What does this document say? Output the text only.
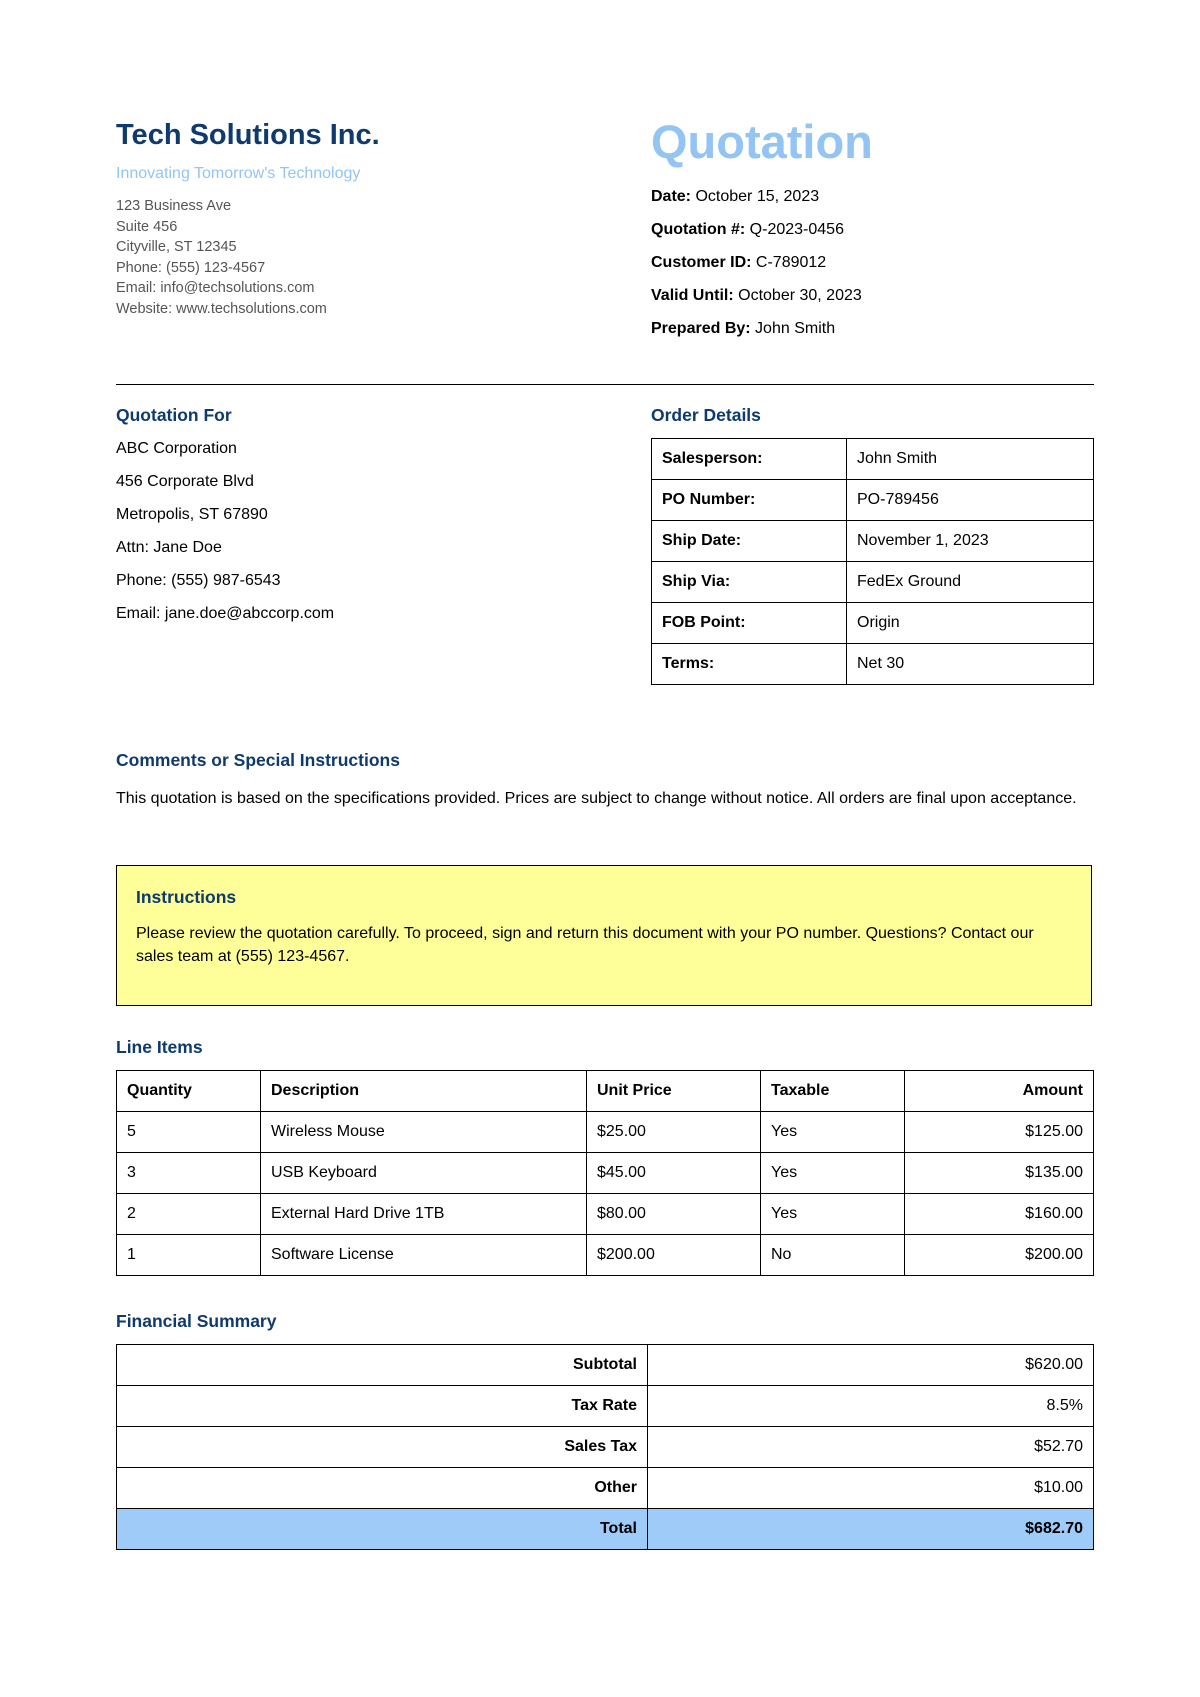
Tech Solutions Inc.
Innovating Tomorrow's Technology
123 Business Ave
Suite 456
Cityville, ST 12345
Phone: (555) 123-4567
Email: info@techsolutions.com
Website: www.techsolutions.com
Quotation
Date: October 15, 2023
Quotation #: Q-2023-0456
Customer ID: C-789012
Valid Until: October 30, 2023
Prepared By: John Smith
Quotation For
ABC Corporation
456 Corporate Blvd
Metropolis, ST 67890
Attn: Jane Doe
Phone: (555) 987-6543
Email: jane.doe@abccorp.com
Order Details
Salesperson:	John Smith
PO Number:	PO-789456
Ship Date:	November 1, 2023
Ship Via:	FedEx Ground
FOB Point:	Origin
Terms:	Net 30
Comments or Special Instructions

This quotation is based on the specifications provided. Prices are subject to change without notice. All orders are final upon acceptance.

Instructions

Please review the quotation carefully. To proceed, sign and return this document with your PO number. Questions? Contact our sales team at (555) 123-4567.

Line Items
Quantity	Description	Unit Price	Taxable	Amount
5	Wireless Mouse	$25.00	Yes	$125.00
3	USB Keyboard	$45.00	Yes	$135.00
2	External Hard Drive 1TB	$80.00	Yes	$160.00
1	Software License	$200.00	No	$200.00
Financial Summary
Subtotal	$620.00
Tax Rate	8.5%
Sales Tax	$52.70
Other	$10.00
Total	$682.70
